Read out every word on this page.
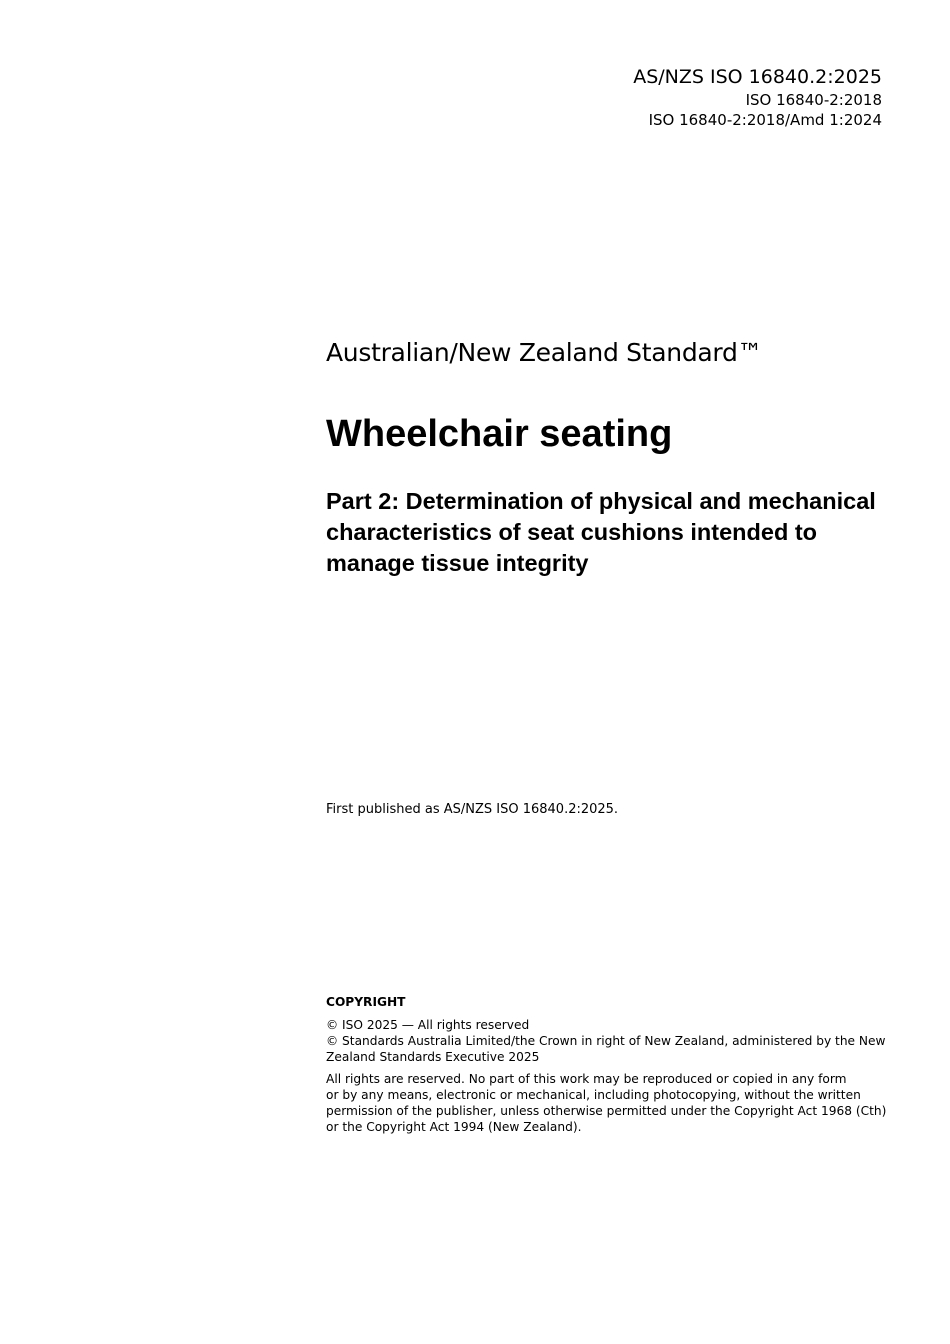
AS/NZS ISO 16840.2:2025
ISO 16840-2:2018
ISO 16840-2:2018/Amd 1:2024

Australian/New Zealand Standard™

Wheelchair seating
Part 2: Determination of physical and mechanical characteristics of seat cushions intended to manage tissue integrity

First published as AS/NZS ISO 16840.2:2025.

COPYRIGHT

© ISO 2025 — All rights reserved

© Standards Australia Limited/the Crown in right of New Zealand, administered by the New Zealand Standards Executive 2025

All rights are reserved. No part of this work may be reproduced or copied in any form
or by any means, electronic or mechanical, including photocopying, without the written
permission of the publisher, unless otherwise permitted under the Copyright Act 1968 (Cth)
or the Copyright Act 1994 (New Zealand).
